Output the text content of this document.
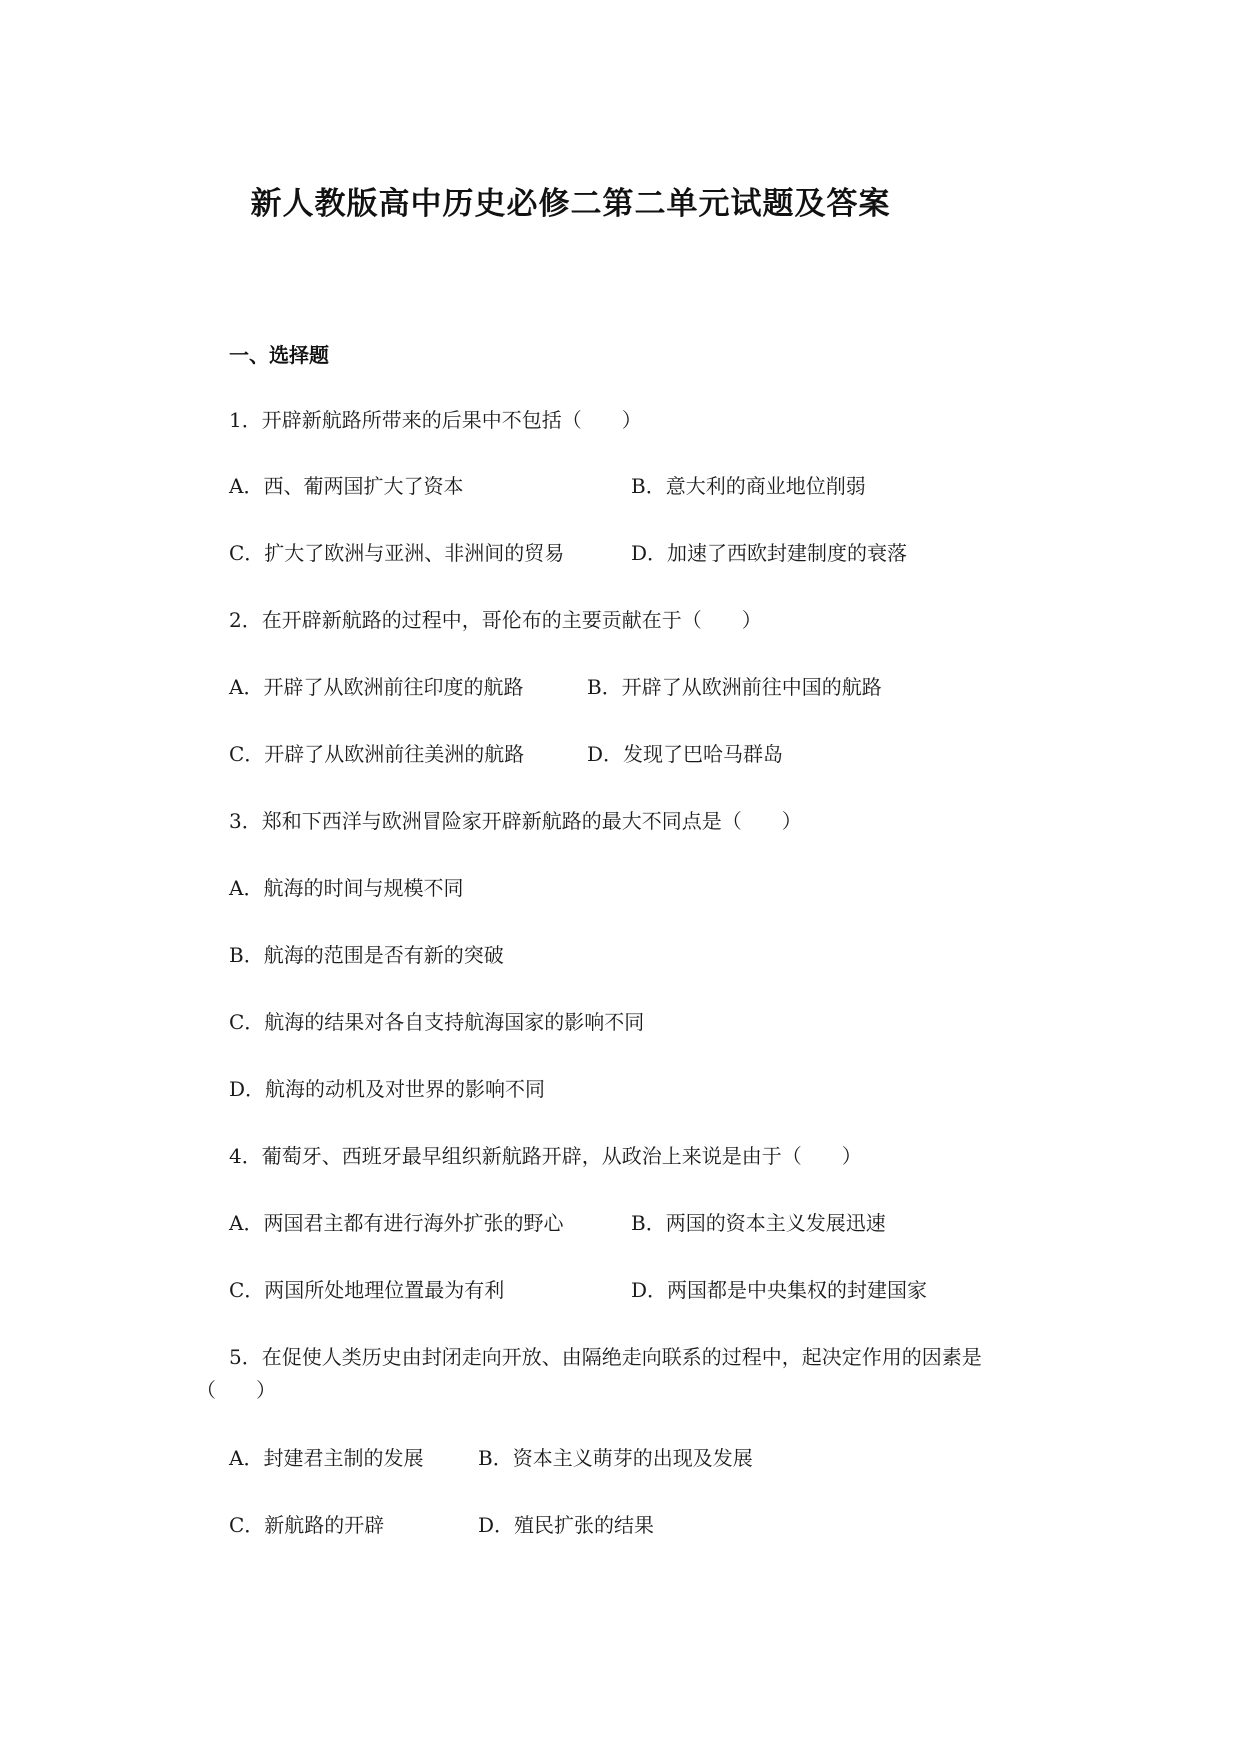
新人教版高中历史必修二第二单元试题及答案
一、选择题
1．开辟新航路所带来的后果中不包括（　　）
A．西、葡两国扩大了资本	B．意大利的商业地位削弱
C．扩大了欧洲与亚洲、非洲间的贸易	D．加速了西欧封建制度的衰落
2．在开辟新航路的过程中，哥伦布的主要贡献在于（　　）
A．开辟了从欧洲前往印度的航路	B．开辟了从欧洲前往中国的航路
C．开辟了从欧洲前往美洲的航路	D．发现了巴哈马群岛
3．郑和下西洋与欧洲冒险家开辟新航路的最大不同点是（　　）
A．航海的时间与规模不同
B．航海的范围是否有新的突破
C．航海的结果对各自支持航海国家的影响不同
D．航海的动机及对世界的影响不同
4．葡萄牙、西班牙最早组织新航路开辟，从政治上来说是由于（　　）
A．两国君主都有进行海外扩张的野心	B．两国的资本主义发展迅速
C．两国所处地理位置最为有利	D．两国都是中央集权的封建国家
5．在促使人类历史由封闭走向开放、由隔绝走向联系的过程中，起决定作用的因素是
（　　）
A．封建君主制的发展	B．资本主义萌芽的出现及发展
C．新航路的开辟	D．殖民扩张的结果
